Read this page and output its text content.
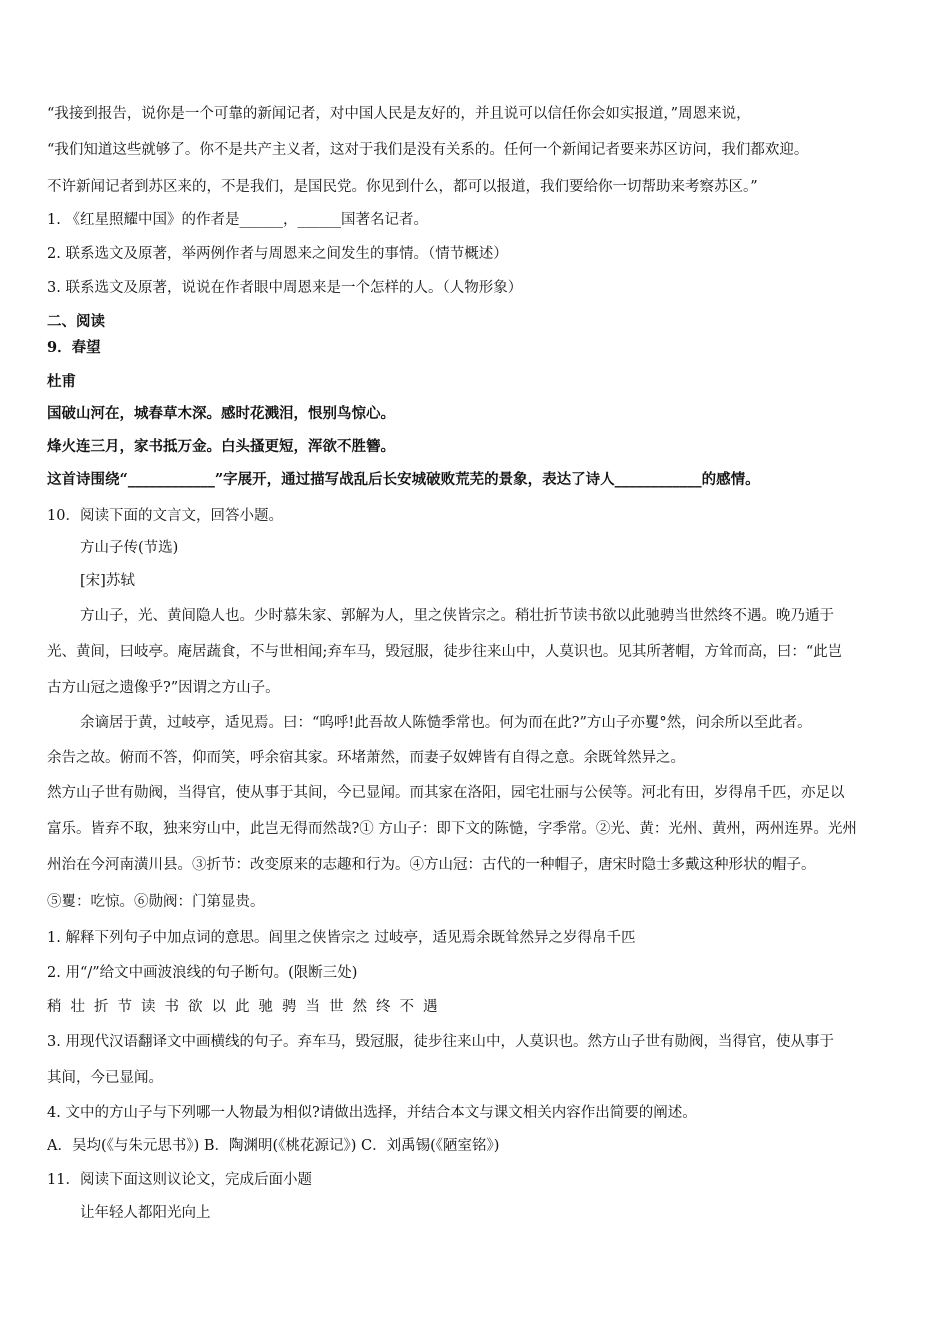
“我接到报告，说你是一个可靠的新闻记者，对中国人民是友好的，并且说可以信任你会如实报道，”周恩来说，
“我们知道这些就够了。你不是共产主义者，这对于我们是没有关系的。任何一个新闻记者要来苏区访问，我们都欢迎。
不许新闻记者到苏区来的，不是我们，是国民党。你见到什么，都可以报道，我们要给你一切帮助来考察苏区。”
1. 《红星照耀中国》的作者是______，______国著名记者。
2. 联系选文及原著，举两例作者与周恩来之间发生的事情。（情节概述）
3. 联系选文及原著，说说在作者眼中周恩来是一个怎样的人。（人物形象）
二、阅读
9．春望
杜甫
国破山河在，城春草木深。感时花溅泪，恨别鸟惊心。
烽火连三月，家书抵万金。白头搔更短，浑欲不胜簪。
这首诗围绕“____________”字展开，通过描写战乱后长安城破败荒芜的景象，表达了诗人____________的感情。
10．阅读下面的文言文，回答小题。
方山子传(节选)
[宋]苏轼
方山子，光、黄间隐人也。少时慕朱家、郭解为人，里之侠皆宗之。稍壮折节读书欲以此驰骋当世然终不遇。晚乃遁于
光、黄间，曰岐亭。庵居蔬食，不与世相闻;弃车马，毁冠服，徒步往来山中，人莫识也。见其所著帽，方耸而高，曰：“此岂
古方山冠之遗像乎?”因谓之方山子。
余谪居于黄，过岐亭，适见焉。曰：“呜呼!此吾故人陈慥季常也。何为而在此?”方山子亦矍°然，问余所以至此者。
余告之故。俯而不答，仰而笑，呼余宿其家。环堵萧然，而妻子奴婢皆有自得之意。余既耸然异之。
然方山子世有勋阀，当得官，使从事于其间，今已显闻。而其家在洛阳，园宅壮丽与公侯等。河北有田，岁得帛千匹，亦足以
富乐。皆弃不取，独来穷山中，此岂无得而然哉?① 方山子：即下文的陈慥，字季常。②光、黄：光州、黄州，两州连界。光州
州治在今河南潢川县。③折节：改变原来的志趣和行为。④方山冠：古代的一种帽子，唐宋时隐士多戴这种形状的帽子。
⑤矍：吃惊。⑥勋阀：门第显贵。
1. 解释下列句子中加点词的意思。闾里之侠皆宗之 过岐亭，适见焉余既耸然异之岁得帛千匹
2. 用“/”给文中画波浪线的句子断句。(限断三处)
稍壮折节读书欲以此驰骋当世然终不遇
3. 用现代汉语翻译文中画横线的句子。弃车马，毁冠服，徒步往来山中，人莫识也。然方山子世有勋阀，当得官，使从事于
其间，今已显闻。
4. 文中的方山子与下列哪一人物最为相似?请做出选择，并结合本文与课文相关内容作出简要的阐述。
A．吴均(《与朱元思书》) B．陶渊明(《桃花源记》) C．刘禹锡(《陋室铭》)
11．阅读下面这则议论文，完成后面小题
让年轻人都阳光向上
